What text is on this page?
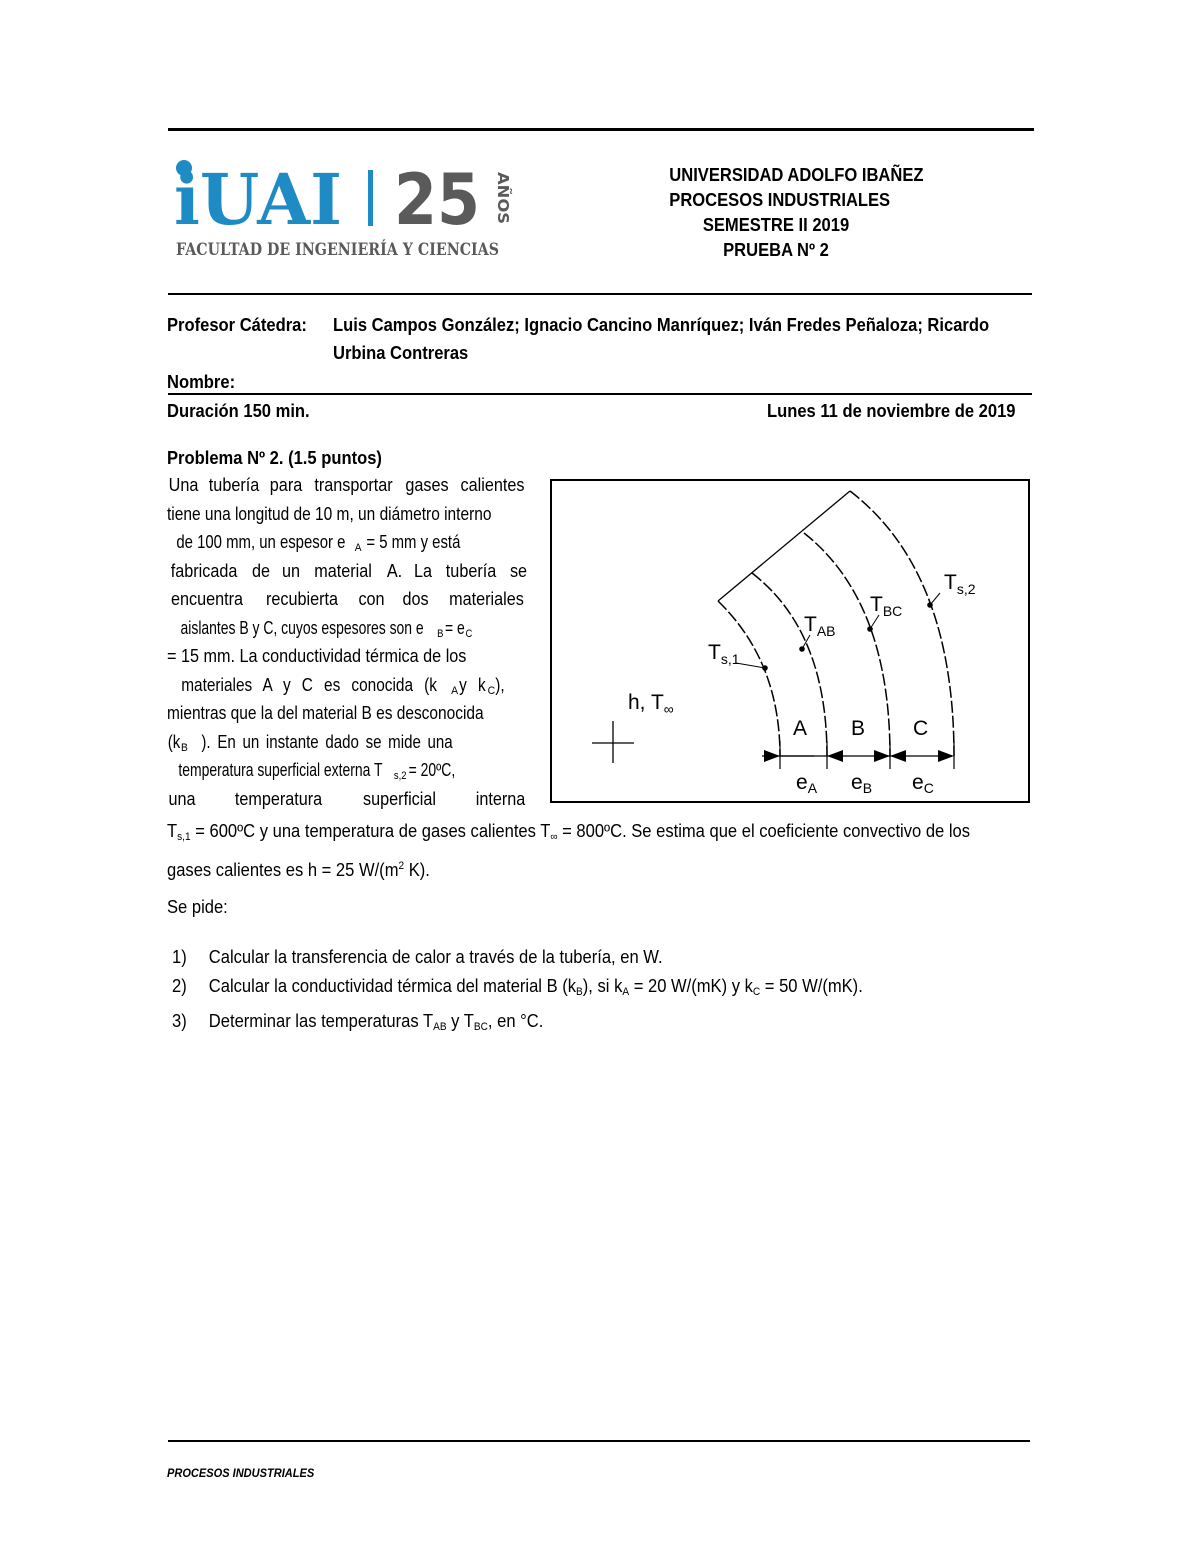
iUAI 25 AÑOS
FACULTAD DE INGENIERÍA Y CIENCIAS
UNIVERSIDAD ADOLFO IBAÑEZ
PROCESOS INDUSTRIALES
SEMESTRE II 2019
PRUEBA Nº 2
Profesor Cátedra: Luis Campos González; Ignacio Cancino Manríquez; Iván Fredes Peñaloza; Ricardo
Urbina Contreras
Nombre:
Duración 150 min.	Lunes 11 de noviembre de 2019
Problema Nº 2. (1.5 puntos)
Una tubería para transportar gases calientes
tiene una longitud de 10 m, un diámetro interno
de 100 mm, un espesor e $_A$= 5 mm y está
fabricada de un material A. La tubería se
encuentra recubierta con dos materiales
aislantes B y C, cuyos espesores son e $_B= e_C$
= 15 mm. La conductividad térmica de los
materiales A y C es conocida (k $_A$y $k_C$),
mientras que la del material B es desconocida
($k_B$ ). En un instante dado se mide una
temperatura superficial externa T $_{s,2}$= 20ºC,
una temperatura superficial interna
$T_{s,1}$ = 600ºC y una temperatura de gases calientes $T_\infty$ = 800ºC. Se estima que el coeficiente convectivo de los
gases calientes es h = 25 $W/(m^2$ K).
$T_{s,1}$
$T_{AB}$
$T_{BC}$
$T_{s,2}$
h, $T_\infty$
A B C
eA eB eC
Se pide:
1)	Calcular la transferencia de calor a través de la tubería, en W.
2)	Calcular la conductividad térmica del material B $(k_B)$, si $k_A = 20$ W/(mK) y $k_C = 50$ W/(mK).
3)	Determinar las temperaturas $T_{AB}$ y $T_{BC}$, en °C.
PROCESOS INDUSTRIALES
